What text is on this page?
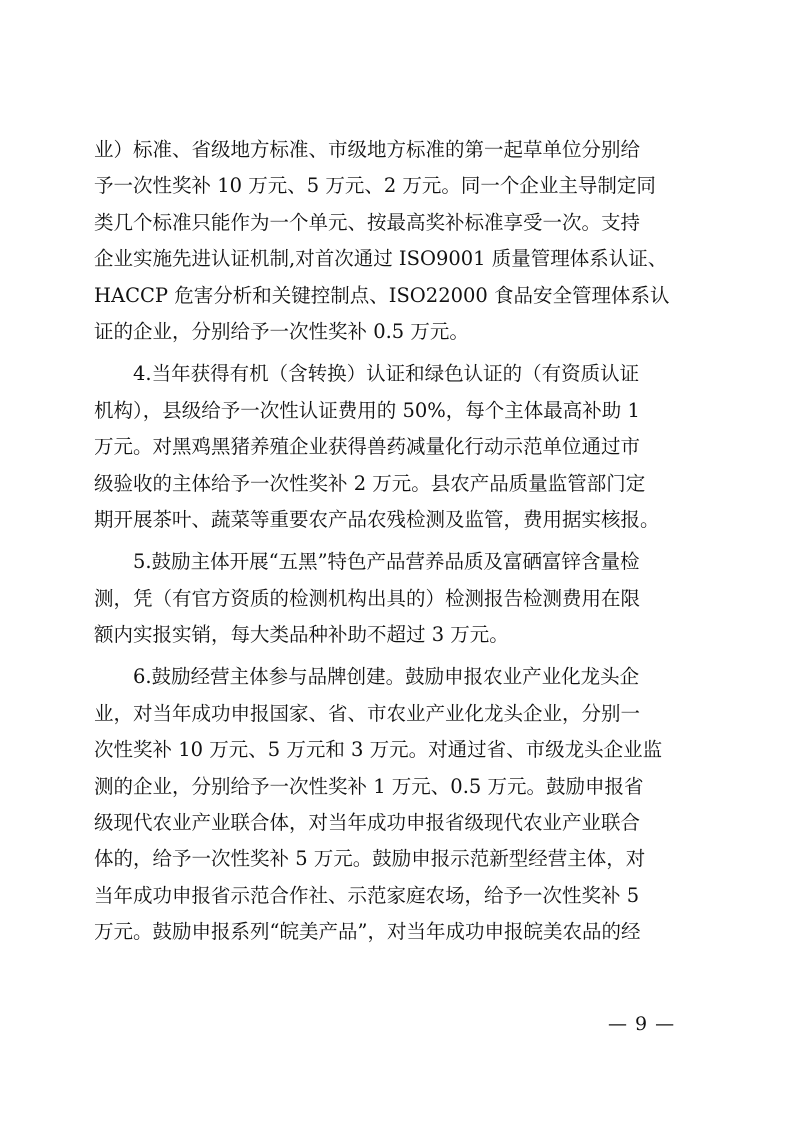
业）标准、省级地方标准、市级地方标准的第一起草单位分别给
予一次性奖补 10 万元、5 万元、2 万元。同一个企业主导制定同
类几个标准只能作为一个单元、按最高奖补标准享受一次。支持
企业实施先进认证机制,对首次通过 ISO9001 质量管理体系认证、
HACCP 危害分析和关键控制点、ISO22000 食品安全管理体系认
证的企业，分别给予一次性奖补 0.5 万元。
　　4.当年获得有机（含转换）认证和绿色认证的（有资质认证
机构），县级给予一次性认证费用的 50%，每个主体最高补助 1
万元。对黑鸡黑猪养殖企业获得兽药减量化行动示范单位通过市
级验收的主体给予一次性奖补 2 万元。县农产品质量监管部门定
期开展茶叶、蔬菜等重要农产品农残检测及监管，费用据实核报。
　　5.鼓励主体开展“五黑”特色产品营养品质及富硒富锌含量检
测，凭（有官方资质的检测机构出具的）检测报告检测费用在限
额内实报实销，每大类品种补助不超过 3 万元。
　　6.鼓励经营主体参与品牌创建。鼓励申报农业产业化龙头企
业，对当年成功申报国家、省、市农业产业化龙头企业，分别一
次性奖补 10 万元、5 万元和 3 万元。对通过省、市级龙头企业监
测的企业，分别给予一次性奖补 1 万元、0.5 万元。鼓励申报省
级现代农业产业联合体，对当年成功申报省级现代农业产业联合
体的，给予一次性奖补 5 万元。鼓励申报示范新型经营主体，对
当年成功申报省示范合作社、示范家庭农场，给予一次性奖补 5
万元。鼓励申报系列“皖美产品”，对当年成功申报皖美农品的经
— 9 —
